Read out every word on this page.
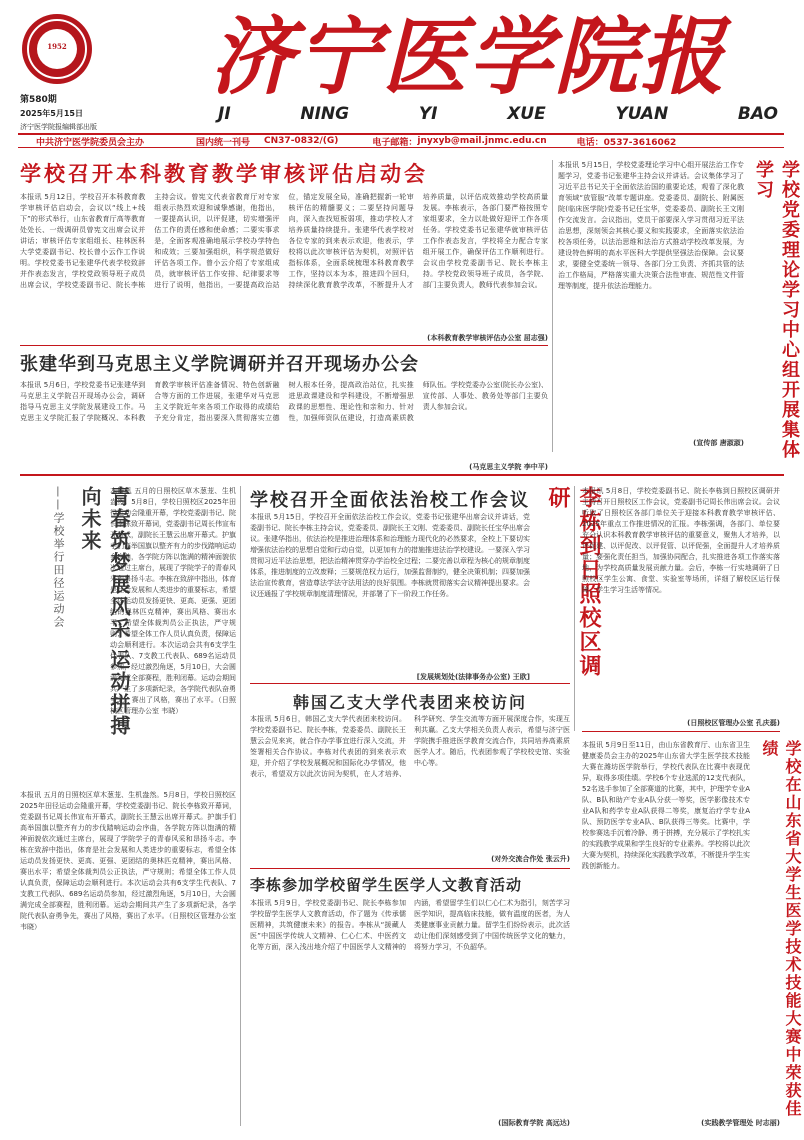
1952
第580期
2025年5月15日
济宁医学院报编辑部出版
济宁医学院报
JI	NING	YI	XUE	YUAN	BAO
中共济宁医学院委员会主办	国内统一刊号 CN37-0832/(G)	电子邮箱： jnyxyb@mail.jnmc.edu.cn	电话：0537-3616062
学校召开本科教育教学审核评估启动会
本报讯 5月12日，学校召开本科教育教学审核评估启动会，会议以“线上+线下”的形式举行，山东省教育厅高等教育处处长、一级调研员曾宪文出席会议并讲话；审核评估专家组组长、桂林医科大学党委副书记、校长曾小云作工作说明。学校党委书记张建华代表学校致辞并作表态发言，学校党政领导班子成员出席会议，学校党委副书记、院长李栋主持会议。曾宪文代表省教育厅对专家组表示热烈欢迎和诚挚感谢，他指出，一要提高认识，以评促建，切实增强评估工作的责任感和使命感；二要实事求是，全面客观准确地展示学校办学特色和成效；三要加强组织，科学规范做好评估各项工作。曾小云介绍了专家组成员，就审核评估工作安排、纪律要求等进行了说明，他指出，一要提高政治站位，锚定发展全局，准确把握新一轮审核评估的精髓要义；二要坚持问题导向，深入查找短板弱项，推动学校人才培养质量持续提升。张建华代表学校对各位专家的到来表示欢迎，他表示，学校将以此次审核评估为契机，对照评估指标体系，全面系统梳理本科教育教学工作，坚持以本为本，推进四个回归，持续深化教育教学改革，不断提升人才培养质量，以评估成效推动学校高质量发展。李栋表示，各部门要严格按照专家组要求，全力以赴做好迎评工作各项任务。学校党委书记张建华就审核评估工作作表态发言，学校将全力配合专家组开展工作，确保评估工作顺利进行。会议由学校党委副书记、院长李栋主持。学校党政领导班子成员，各学院、部门主要负责人，教师代表参加会议。
(本科教育教学审核评估办公室 屈志强)
本报讯 5月15日，学校党委理论学习中心组开展法治工作专题学习，党委书记张建华主持会议并讲话。会议集体学习了习近平总书记关于全面依法治国的重要论述，观看了深化教育领域“放管服”改革专题讲座。党委委员、副院长、附属医院(临床医学院)党委书记任宝华，党委委员、副院长王文刚作交流发言。会议指出，党员干部要深入学习贯彻习近平法治思想，深刻领会其核心要义和实践要求，全面落实依法治校各项任务，以法治思维和法治方式推动学校改革发展，为建设特色鲜明的高水平医科大学提供坚强法治保障。会议要求，要健全党委统一领导、各部门分工负责、齐抓共管的法治工作格局，严格落实重大决策合法性审查、规范性文件管理等制度，提升依法治理能力。	学校党委理论学习中心组开展集体学习
(宣传部 唐淑淑)
张建华到马克思主义学院调研并召开现场办公会
本报讯 5月6日，学校党委书记张建华到马克思主义学院召开现场办公会，调研指导马克思主义学院发展建设工作。马克思主义学院汇报了学院概况、本科教育教学审核评估准备情况、特色创新融合等方面的工作进展，张建华对马克思主义学院近年来各项工作取得的成绩给予充分肯定，指出要深入贯彻落实立德树人根本任务，提高政治站位，扎实推进思政课建设和学科建设，不断增强思政课的思想性、理论性和亲和力、针对性，加强师资队伍建设，打造高素质教师队伍。学校党委办公室(院长办公室)、宣传部、人事处、教务处等部门主要负责人参加会议。
(马克思主义学院 李中平)
青春筑梦展风采 运动拼搏向未来
——学校举行田径运动会	本报讯 五月的日照校区草木葱茏、生机盎然。5月8日，学校日照校区2025年田径运动会隆重开幕，学校党委副书记、院长李栋致开幕词，党委副书记周长伟宣布开幕式，副院长王慧云出席开幕式。护旗手们高举国旗以整齐有力的步伐踏响运动会序曲，各学院方阵以饱满的精神面貌依次通过主席台，展现了学院学子的青春风采和昂扬斗志。李栋在致辞中指出，体育是社会发展和人类进步的重要标志，希望全体运动员发扬更快、更高、更强、更团结的奥林匹克精神，赛出风格、赛出水平；希望全体裁判员公正执法，严守规则；希望全体工作人员认真负责，保障运动会顺利进行。本次运动会共有6支学生代表队、7支教工代表队、689名运动员参加，经过激烈角逐，5月10日，大会圆满完成全部赛程，胜利闭幕。运动会期间共产生了多项新纪录，各学院代表队奋勇争先，赛出了风格，赛出了水平。（日照校区管理办公室 韦晓）
本报讯 五月的日照校区草木葱茏、生机盎然。5月8日，学校日照校区2025年田径运动会隆重开幕，学校党委副书记、院长李栋致开幕词，党委副书记周长伟宣布开幕式，副院长王慧云出席开幕式。护旗手们高举国旗以整齐有力的步伐踏响运动会序曲，各学院方阵以饱满的精神面貌依次通过主席台，展现了学院学子的青春风采和昂扬斗志。李栋在致辞中指出，体育是社会发展和人类进步的重要标志，希望全体运动员发扬更快、更高、更强、更团结的奥林匹克精神，赛出风格、赛出水平；希望全体裁判员公正执法，严守规则；希望全体工作人员认真负责，保障运动会顺利进行。本次运动会共有6支学生代表队、7支教工代表队、689名运动员参加，经过激烈角逐，5月10日，大会圆满完成全部赛程，胜利闭幕。运动会期间共产生了多项新纪录，各学院代表队奋勇争先，赛出了风格，赛出了水平。（日照校区管理办公室 韦晓）
学校召开全面依法治校工作会议
本报讯 5月15日，学校召开全面依法治校工作会议，党委书记张建华出席会议并讲话，党委副书记、院长李栋主持会议，党委委员、副院长王文刚、党委委员、副院长任宝华出席会议。张建华指出，依法治校是推进治理体系和治理能力现代化的必然要求，全校上下要切实增强依法治校的思想自觉和行动自觉，以更加有力的措施推进法治学校建设。一要深入学习贯彻习近平法治思想，把法治精神贯穿办学治校全过程；二要完善以章程为核心的规章制度体系，推进制度的立改废释；三要规范权力运行，加强监督制约，健全决策机制；四要加强法治宣传教育，营造尊法学法守法用法的良好氛围。李栋就贯彻落实会议精神提出要求。会议还通报了学校规章制度清理情况，并部署了下一阶段工作任务。
[发展规划处(法律事务办公室) 王欧]	李栋到日照校区调研	本报讯 5月8日，学校党委副书记、院长李栋到日照校区调研并主持召开日照校区工作会议，党委副书记周长伟出席会议。会议听取了日照校区各部门单位关于迎接本科教育教学审核评估、2025年重点工作推进情况的汇报。李栋强调，各部门、单位要充分认识本科教育教学审核评估的重要意义，聚焦人才培养，以评促建、以评促改、以评促管、以评促强，全面提升人才培养质量；要强化责任担当，加强协同配合，扎实推进各项工作落实落地，为学校高质量发展贡献力量。会后，李栋一行实地调研了日照校区学生公寓、食堂、实验室等场所，详细了解校区运行保障、学生学习生活等情况。
(日照校区管理办公室 孔庆磊)
韩国乙支大学代表团来校访问
本报讯 5月6日，韩国乙支大学代表团来校访问。学校党委副书记、院长李栋，党委委员、副院长王慧云会见来宾，就合作办学事宜进行深入交流，并签署相关合作协议。李栋对代表团的到来表示欢迎，并介绍了学校发展概况和国际化办学情况，他表示，希望双方以此次访问为契机，在人才培养、科学研究、学生交流等方面开展深度合作，实现互利共赢。乙支大学相关负责人表示，希望与济宁医学院携手推进医学教育交流合作，共同培养高素质医学人才。随后，代表团参观了学校校史馆、实验中心等。
(对外交流合作处 张云升)
本报讯 5月9日至11日，由山东省教育厅、山东省卫生健康委员会主办的2025年山东省大学生医学技术技能大赛在潍坊医学院举行，学校代表队在比赛中表现优异，取得多项佳绩。学校6个专业选派的12支代表队，52名选手参加了全部赛道的比赛，其中，护理学专业A队、B队和助产专业A队分获一等奖，医学影像技术专业A队和药学专业A队获得二等奖，康复治疗学专业A队、预防医学专业A队、B队获得三等奖。比赛中，学校参赛选手沉着冷静、勇于拼搏，充分展示了学校扎实的实践教学成果和学生良好的专业素养。学校将以此次大赛为契机，持续深化实践教学改革，不断提升学生实践创新能力。	学校在山东省大学生医学技术技能大赛中荣获佳绩
(实践教学管理处 时志丽)
李栋参加学校留学生医学人文教育活动
本报讯 5月9日，学校党委副书记、院长李栋参加学校留学生医学人文教育活动，作了题为《传承儒医精神，共筑健康未来》的报告。李栋从“援藏人医”中国医学传统人文精神、仁心仁术、中医药文化等方面，深入浅出地介绍了中国医学人文精神的内涵，希望留学生们以仁心仁术为指引，刻苦学习医学知识，提高临床技能，做有温度的医者，为人类健康事业贡献力量。留学生们纷纷表示，此次活动让他们深刻感受到了中国传统医学文化的魅力，将努力学习，不负韶华。
(国际教育学院 高远达)
